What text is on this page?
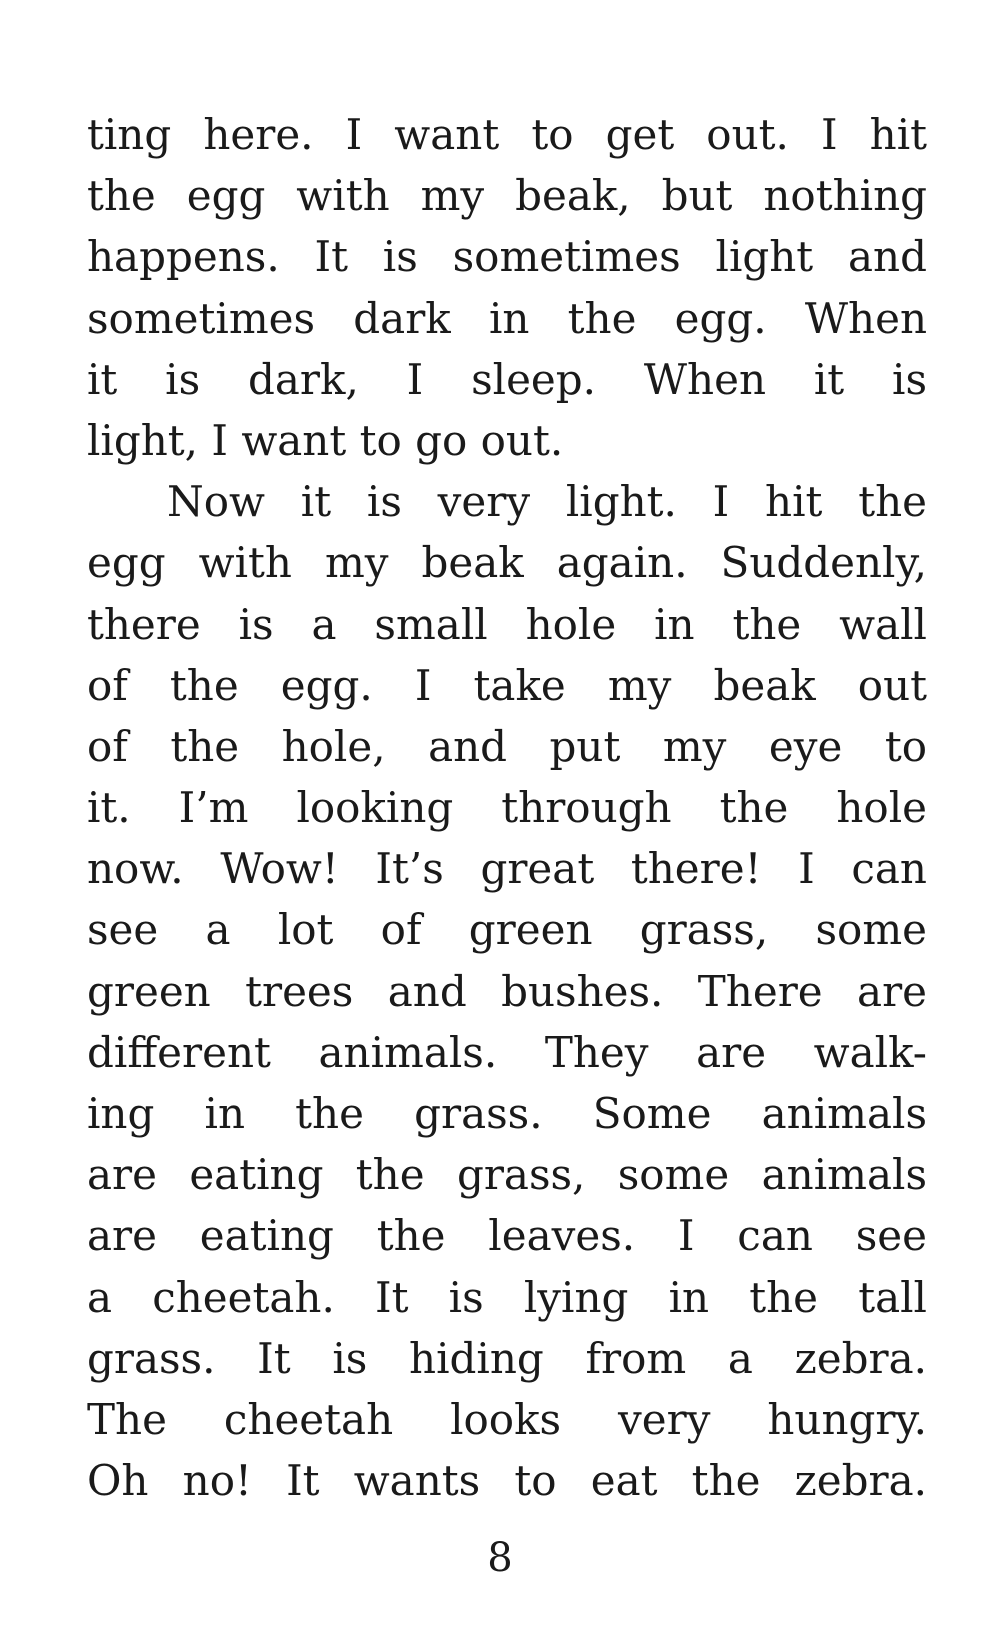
ting here. I want to get out. I hit
the egg with my beak, but nothing
happens. It is sometimes light and
sometimes dark in the egg. When
it is dark, I sleep. When it is
light, I want to go out.
Now it is very light. I hit the
egg with my beak again. Suddenly,
there is a small hole in the wall
of the egg. I take my beak out
of the hole, and put my eye to
it. I’m looking through the hole
now. Wow! It’s great there! I can
see a lot of green grass, some
green trees and bushes. There are
different animals. They are walk-
ing in the grass. Some animals
are eating the grass, some animals
are eating the leaves. I can see
a cheetah. It is lying in the tall
grass. It is hiding from a zebra.
The cheetah looks very hungry.
Oh no! It wants to eat the zebra.
8
